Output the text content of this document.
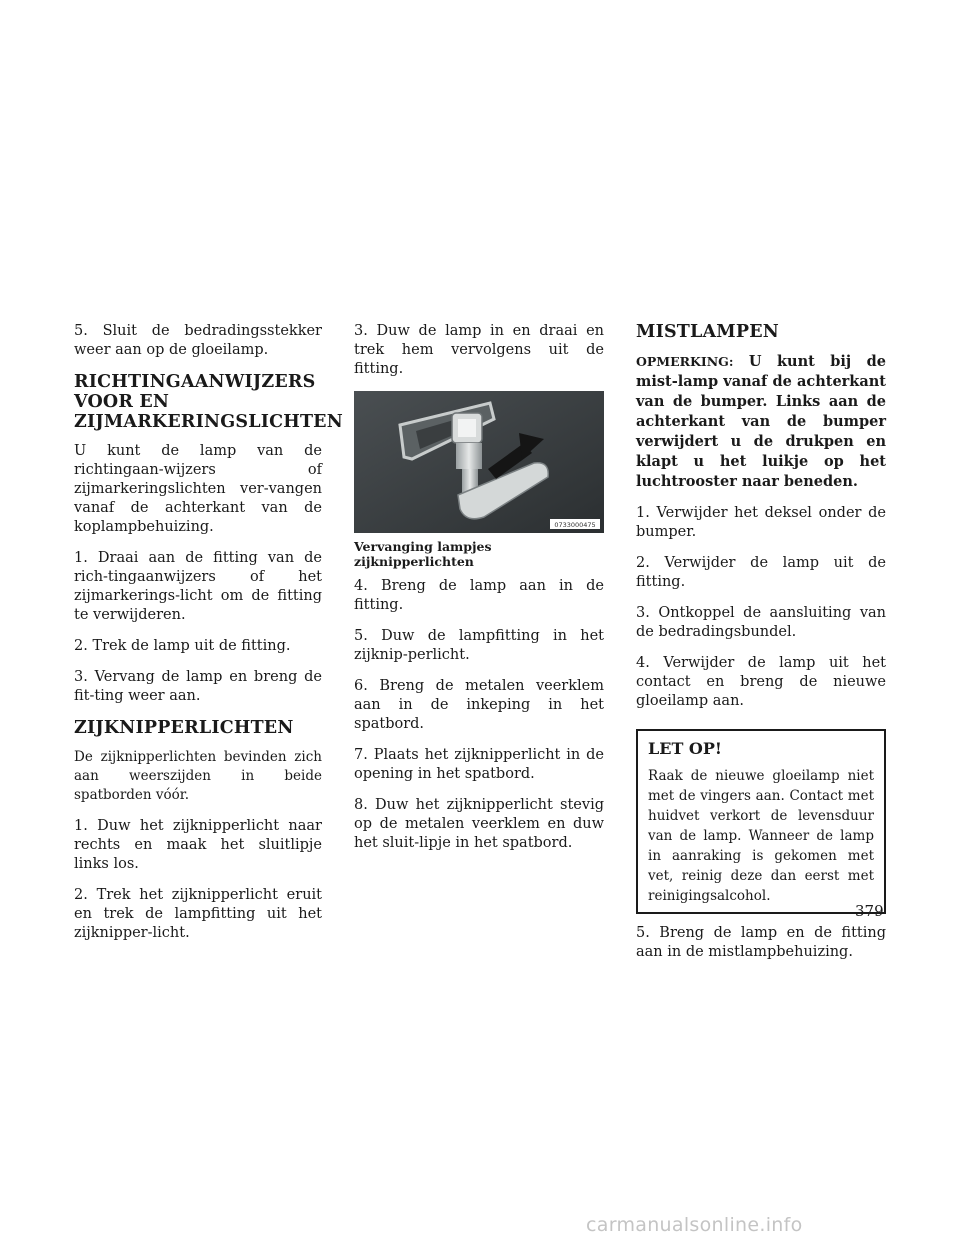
5. Sluit de bedradingsstekker weer aan op de gloeilamp.

RICHTINGAANWIJZERS VOOR EN ZIJMARKERINGSLICHTEN

U kunt de lamp van de richtingaan-wijzers of zijmarkeringslichten ver-vangen vanaf de achterkant van de koplampbehuizing.

1. Draai aan de fitting van de rich-tingaanwijzers of het zijmarkerings-licht om de fitting te verwijderen.

2. Trek de lamp uit de fitting.

3. Vervang de lamp en breng de fit-ting weer aan.

ZIJKNIPPERLICHTEN

De zijknipperlichten bevinden zich aan weerszijden in beide spatborden vóór.

1. Duw het zijknipperlicht naar rechts en maak het sluitlipje links los.

2. Trek het zijknipperlicht eruit en trek de lampfitting uit het zijknipper-licht.

3. Duw de lamp in en draai en trek hem vervolgens uit de fitting.

0733000475
Vervanging lampjes zijknipperlichten

4. Breng de lamp aan in de fitting.

5. Duw de lampfitting in het zijknip-perlicht.

6. Breng de metalen veerklem aan in de inkeping in het spatbord.

7. Plaats het zijknipperlicht in de opening in het spatbord.

8. Duw het zijknipperlicht stevig op de metalen veerklem en duw het sluit-lipje in het spatbord.

MISTLAMPEN

OPMERKING: U kunt bij de mist-lamp vanaf de achterkant van de bumper. Links aan de achterkant van de bumper verwijdert u de drukpen en klapt u het luikje op het luchtrooster naar beneden.

1. Verwijder het deksel onder de bumper.

2. Verwijder de lamp uit de fitting.

3. Ontkoppel de aansluiting van de bedradingsbundel.

4. Verwijder de lamp uit het contact en breng de nieuwe gloeilamp aan.

LET OP!

Raak de nieuwe gloeilamp niet met de vingers aan. Contact met huidvet verkort de levensduur van de lamp. Wanneer de lamp in aanraking is gekomen met vet, reinig deze dan eerst met reinigingsalcohol.

5. Breng de lamp en de fitting aan in de mistlampbehuizing.

379
carmanualsonline.info
